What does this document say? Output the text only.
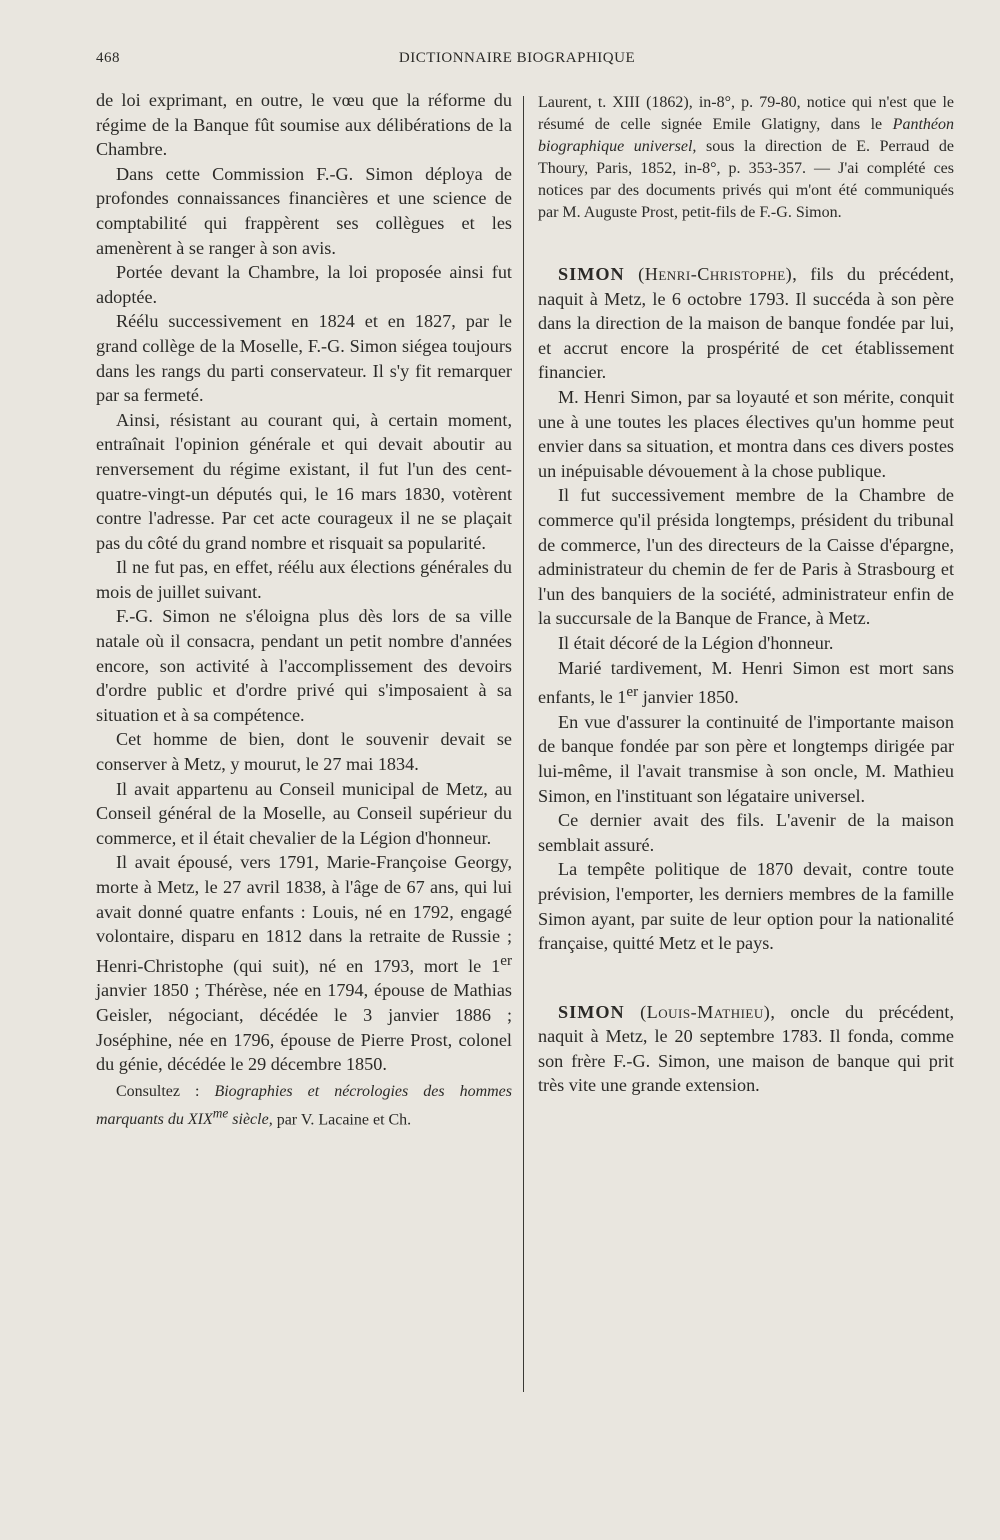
468	DICTIONNAIRE BIOGRAPHIQUE

de loi exprimant, en outre, le vœu que la réforme du régime de la Banque fût soumise aux délibérations de la Chambre.

Dans cette Commission F.-G. Simon déploya de profondes connaissances financières et une science de comptabilité qui frappèrent ses collègues et les amenèrent à se ranger à son avis.

Portée devant la Chambre, la loi proposée ainsi fut adoptée.

Réélu successivement en 1824 et en 1827, par le grand collège de la Moselle, F.-G. Simon siégea toujours dans les rangs du parti conservateur. Il s'y fit remarquer par sa fermeté.

Ainsi, résistant au courant qui, à certain moment, entraînait l'opinion générale et qui devait aboutir au renversement du régime existant, il fut l'un des cent-quatre-vingt-un députés qui, le 16 mars 1830, votèrent contre l'adresse. Par cet acte courageux il ne se plaçait pas du côté du grand nombre et risquait sa popularité.

Il ne fut pas, en effet, réélu aux élections générales du mois de juillet suivant.

F.-G. Simon ne s'éloigna plus dès lors de sa ville natale où il consacra, pendant un petit nombre d'années encore, son activité à l'accomplissement des devoirs d'ordre public et d'ordre privé qui s'imposaient à sa situation et à sa compétence.

Cet homme de bien, dont le souvenir devait se conserver à Metz, y mourut, le 27 mai 1834.

Il avait appartenu au Conseil municipal de Metz, au Conseil général de la Moselle, au Conseil supérieur du commerce, et il était chevalier de la Légion d'honneur.

Il avait épousé, vers 1791, Marie-Françoise Georgy, morte à Metz, le 27 avril 1838, à l'âge de 67 ans, qui lui avait donné quatre enfants : Louis, né en 1792, engagé volontaire, disparu en 1812 dans la retraite de Russie ; Henri-Christophe (qui suit), né en 1793, mort le 1er janvier 1850 ; Thérèse, née en 1794, épouse de Mathias Geisler, négociant, décédée le 3 janvier 1886 ; Joséphine, née en 1796, épouse de Pierre Prost, colonel du génie, décédée le 29 décembre 1850.

Consultez : Biographies et nécrologies des hommes marquants du $XIX^{me}$ siècle, par V. Lacaine et Ch.

Laurent, t. XIII (1862), in-8°, p. 79-80, notice qui n'est que le résumé de celle signée Emile Glatigny, dans le Panthéon biographique universel, sous la direction de E. Perraud de Thoury, Paris, 1852, in-8°, p. 353-357. — J'ai complété ces notices par des documents privés qui m'ont été communiqués par M. Auguste Prost, petit-fils de F.-G. Simon.

SIMON (Henri-Christophe), fils du précédent, naquit à Metz, le 6 octobre 1793. Il succéda à son père dans la direction de la maison de banque fondée par lui, et accrut encore la prospérité de cet établissement financier.

M. Henri Simon, par sa loyauté et son mérite, conquit une à une toutes les places électives qu'un homme peut envier dans sa situation, et montra dans ces divers postes un inépuisable dévouement à la chose publique.

Il fut successivement membre de la Chambre de commerce qu'il présida longtemps, président du tribunal de commerce, l'un des directeurs de la Caisse d'épargne, administrateur du chemin de fer de Paris à Strasbourg et l'un des banquiers de la société, administrateur enfin de la succursale de la Banque de France, à Metz.

Il était décoré de la Légion d'honneur.

Marié tardivement, M. Henri Simon est mort sans enfants, le 1er janvier 1850.

En vue d'assurer la continuité de l'importante maison de banque fondée par son père et longtemps dirigée par lui-même, il l'avait transmise à son oncle, M. Mathieu Simon, en l'instituant son légataire universel.

Ce dernier avait des fils. L'avenir de la maison semblait assuré.

La tempête politique de 1870 devait, contre toute prévision, l'emporter, les derniers membres de la famille Simon ayant, par suite de leur option pour la nationalité française, quitté Metz et le pays.

SIMON (Louis-Mathieu), oncle du précédent, naquit à Metz, le 20 septembre 1783. Il fonda, comme son frère F.-G. Simon, une maison de banque qui prit très vite une grande extension.
